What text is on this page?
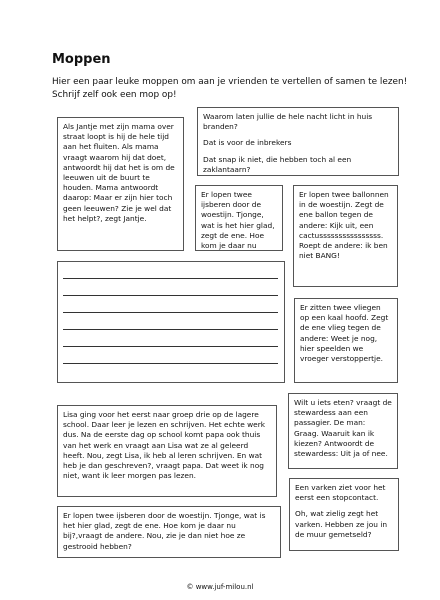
Moppen
Hier een paar leuke moppen om aan je vrienden te vertellen of samen te lezen!
Schrijf zelf ook een mop op!

Als Jantje met zijn mama over straat loopt is hij de hele tijd aan het fluiten. Als mama vraagt waarom hij dat doet, antwoordt hij dat het is om de leeuwen uit de buurt te houden. Mama antwoordt daarop: Maar er zijn hier toch geen leeuwen? Zie je wel dat het helpt?, zegt Jantje.

Waarom laten jullie de hele nacht licht in huis branden?

Dat is voor de inbrekers

Dat snap ik niet, die hebben toch al een zaklantaarn?

Er lopen twee ijsberen door de woestijn. Tjonge, wat is het hier glad, zegt de ene. Hoe kom je daar nu

Er lopen twee ballonnen in de woestijn. Zegt de ene ballon tegen de andere: Kijk uit, een cactussssssssssssssss. Roept de andere: ik ben niet BANG!

Er zitten twee vliegen op een kaal hoofd. Zegt de ene vlieg tegen de andere: Weet je nog, hier speelden we vroeger verstoppertje.

Wilt u iets eten? vraagt de stewardess aan een passagier. De man: Graag. Waaruit kan ik kiezen? Antwoordt de stewardess: Uit ja of nee.

Lisa ging voor het eerst naar groep drie op de lagere school. Daar leer je lezen en schrijven. Het echte werk dus. Na de eerste dag op school komt papa ook thuis van het werk en vraagt aan Lisa wat ze al geleerd heeft. Nou, zegt Lisa, ik heb al leren schrijven. En wat heb je dan geschreven?, vraagt papa. Dat weet ik nog niet, want ik leer morgen pas lezen.

Een varken ziet voor het eerst een stopcontact.

Oh, wat zielig zegt het varken. Hebben ze jou in de muur gemetseld?

Er lopen twee ijsberen door de woestijn. Tjonge, wat is het hier glad, zegt de ene. Hoe kom je daar nu bij?,vraagt de andere. Nou, zie je dan niet hoe ze gestrooid hebben?

© www.juf-milou.nl
